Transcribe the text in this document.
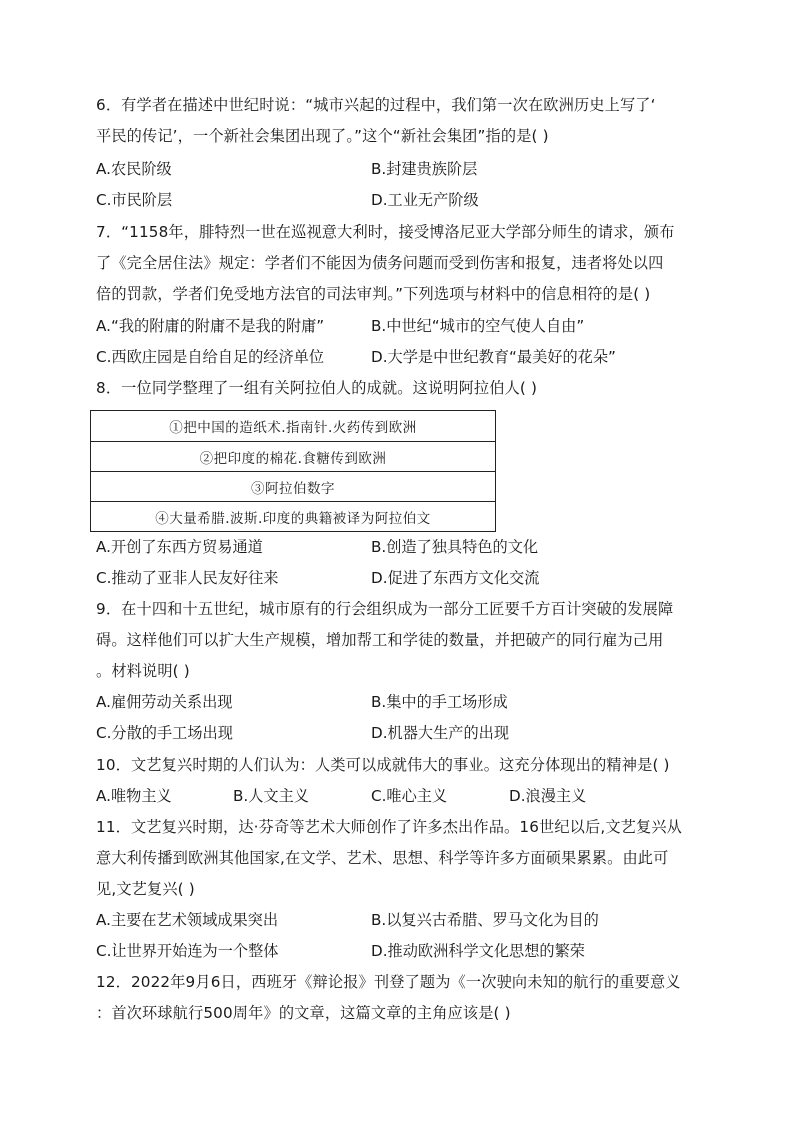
6．有学者在描述中世纪时说：“城市兴起的过程中，我们第一次在欧洲历史上写了‘
平民的传记’，一个新社会集团出现了。”这个“新社会集团”指的是( )
A.农民阶级	B.封建贵族阶层
C.市民阶层	D.工业无产阶级
7．“1158年，腓特烈一世在巡视意大利时，接受博洛尼亚大学部分师生的请求，颁布
了《完全居住法》规定：学者们不能因为债务问题而受到伤害和报复，违者将处以四
倍的罚款，学者们免受地方法官的司法审判。”下列选项与材料中的信息相符的是( )
A.“我的附庸的附庸不是我的附庸”	B.中世纪“城市的空气使人自由”
C.西欧庄园是自给自足的经济单位	D.大学是中世纪教育“最美好的花朵”
8．一位同学整理了一组有关阿拉伯人的成就。这说明阿拉伯人( )
①把中国的造纸术.指南针.火药传到欧洲
②把印度的棉花.食糖传到欧洲
③阿拉伯数字
④大量希腊.波斯.印度的典籍被译为阿拉伯文
A.开创了东西方贸易通道	B.创造了独具特色的文化
C.推动了亚非人民友好往来	D.促进了东西方文化交流
9．在十四和十五世纪，城市原有的行会组织成为一部分工匠要千方百计突破的发展障
碍。这样他们可以扩大生产规模，增加帮工和学徒的数量，并把破产的同行雇为己用
。材料说明( )
A.雇佣劳动关系出现	B.集中的手工场形成
C.分散的手工场出现	D.机器大生产的出现
10．文艺复兴时期的人们认为：人类可以成就伟大的事业。这充分体现出的精神是( )
A.唯物主义	B.人文主义	C.唯心主义	D.浪漫主义
11．文艺复兴时期，达·芬奇等艺术大师创作了许多杰出作品。16世纪以后,文艺复兴从
意大利传播到欧洲其他国家,在文学、艺术、思想、科学等许多方面硕果累累。由此可
见,文艺复兴( )
A.主要在艺术领域成果突出	B.以复兴古希腊、罗马文化为目的
C.让世界开始连为一个整体	D.推动欧洲科学文化思想的繁荣
12．2022年9月6日，西班牙《辩论报》刊登了题为《一次驶向未知的航行的重要意义
：首次环球航行500周年》的文章，这篇文章的主角应该是( )
